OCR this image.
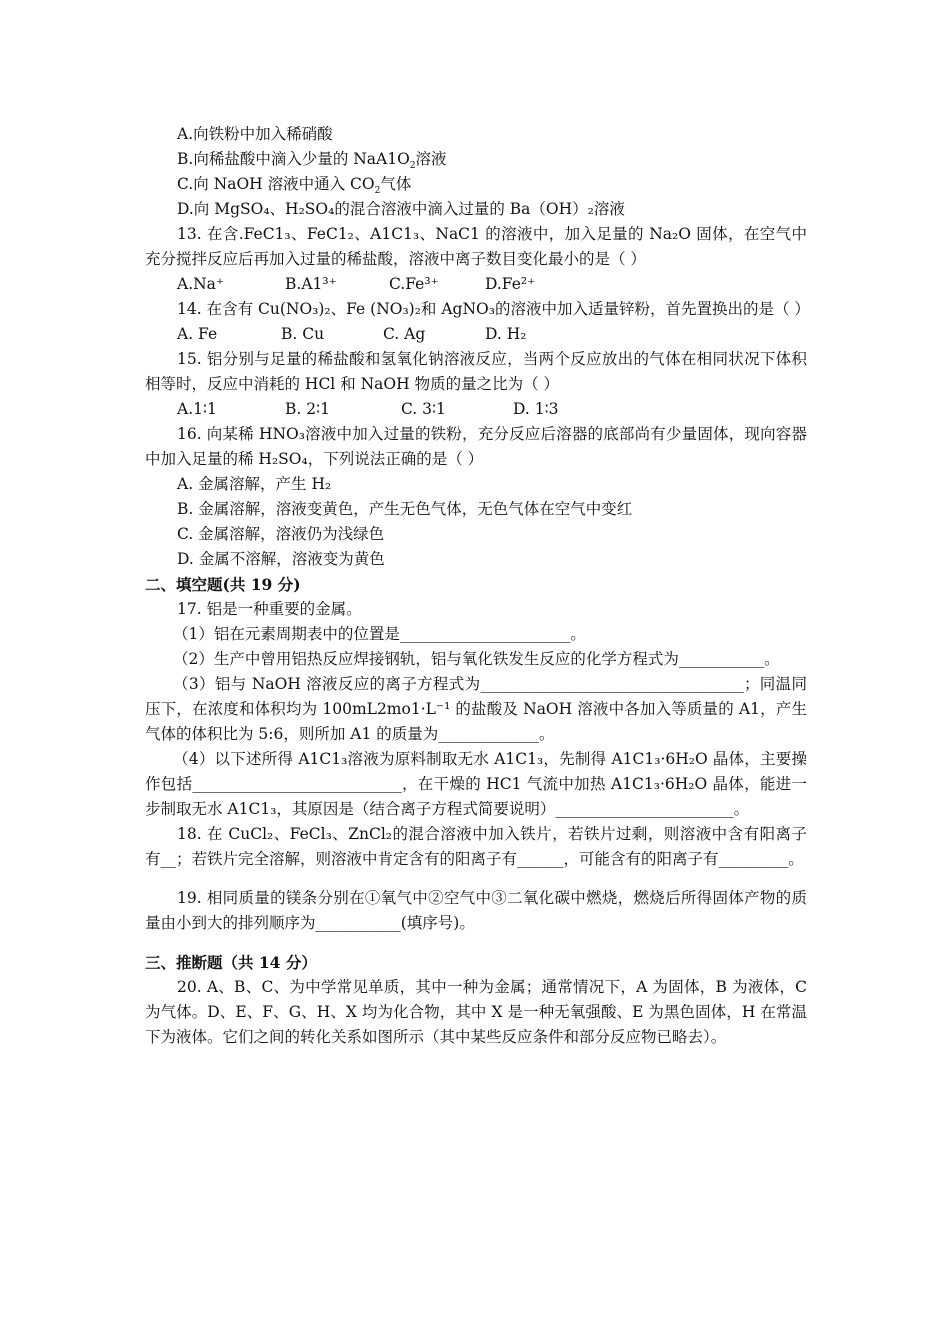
A.向铁粉中加入稀硝酸
B.向稀盐酸中滴入少量的 $NaA1O_2$溶液
C.向 NaOH 溶液中通入 $CO_2$气体
D.向 MgSO₄、H₂SO₄的混合溶液中滴入过量的 Ba（OH）₂溶液
13. 在含.FeC1₃、FeC1₂、A1C1₃、NaC1 的溶液中，加入足量的 Na₂O 固体，在空气中充分搅拌反应后再加入过量的稀盐酸，溶液中离子数目变化最小的是（ ）
A.Na⁺	B.A1³⁺	C.Fe³⁺	D.Fe²⁺
14. 在含有 Cu(NO₃)₂、Fe (NO₃)₂和 AgNO₃的溶液中加入适量锌粉，首先置换出的是（ ）
A. Fe	B. Cu	C. Ag	D. H₂
15. 铝分别与足量的稀盐酸和氢氧化钠溶液反应，当两个反应放出的气体在相同状况下体积相等时，反应中消耗的 HCl 和 NaOH 物质的量之比为（ ）
A.1∶1	B. 2∶1	C. 3∶1	D. 1∶3
16. 向某稀 HNO₃溶液中加入过量的铁粉，充分反应后溶器的底部尚有少量固体，现向容器中加入足量的稀 H₂SO₄，下列说法正确的是（ ）
A. 金属溶解，产生 H₂
B. 金属溶解，溶液变黄色，产生无色气体，无色气体在空气中变红
C. 金属溶解，溶液仍为浅绿色
D. 金属不溶解，溶液变为黄色
二、填空题(共 19 分)
17. 铝是一种重要的金属。
（1）铝在元素周期表中的位置是______________________。
（2）生产中曾用铝热反应焊接钢轨，铝与氧化铁发生反应的化学方程式为___________。
（3）铝与 NaOH 溶液反应的离子方程式为__________________________________；同温同压下，在浓度和体积均为 100mL2mo1·L⁻¹ 的盐酸及 NaOH 溶液中各加入等质量的 A1，产生气体的体积比为 5:6，则所加 A1 的质量为_____________。
（4）以下述所得 A1C1₃溶液为原料制取无水 A1C1₃，先制得 A1C1₃·6H₂O 晶体，主要操作包括___________________________，在干燥的 HC1 气流中加热 A1C1₃·6H₂O 晶体，能进一步制取无水 A1C1₃，其原因是（结合离子方程式简要说明）_______________________。
18. 在 CuCl₂、FeCl₃、ZnCl₂的混合溶液中加入铁片，若铁片过剩，则溶液中含有阳离子有__；若铁片完全溶解，则溶液中肯定含有的阳离子有______，可能含有的阳离子有_________。
19. 相同质量的镁条分别在①氧气中②空气中③二氧化碳中燃烧，燃烧后所得固体产物的质量由小到大的排列顺序为___________(填序号)。
三、推断题（共 14 分）
20. A、B、C、为中学常见单质，其中一种为金属；通常情况下，A 为固体，B 为液体，C 为气体。D、E、F、G、H、X 均为化合物，其中 X 是一种无氧强酸、E 为黑色固体，H 在常温下为液体。它们之间的转化关系如图所示（其中某些反应条件和部分反应物已略去）。
